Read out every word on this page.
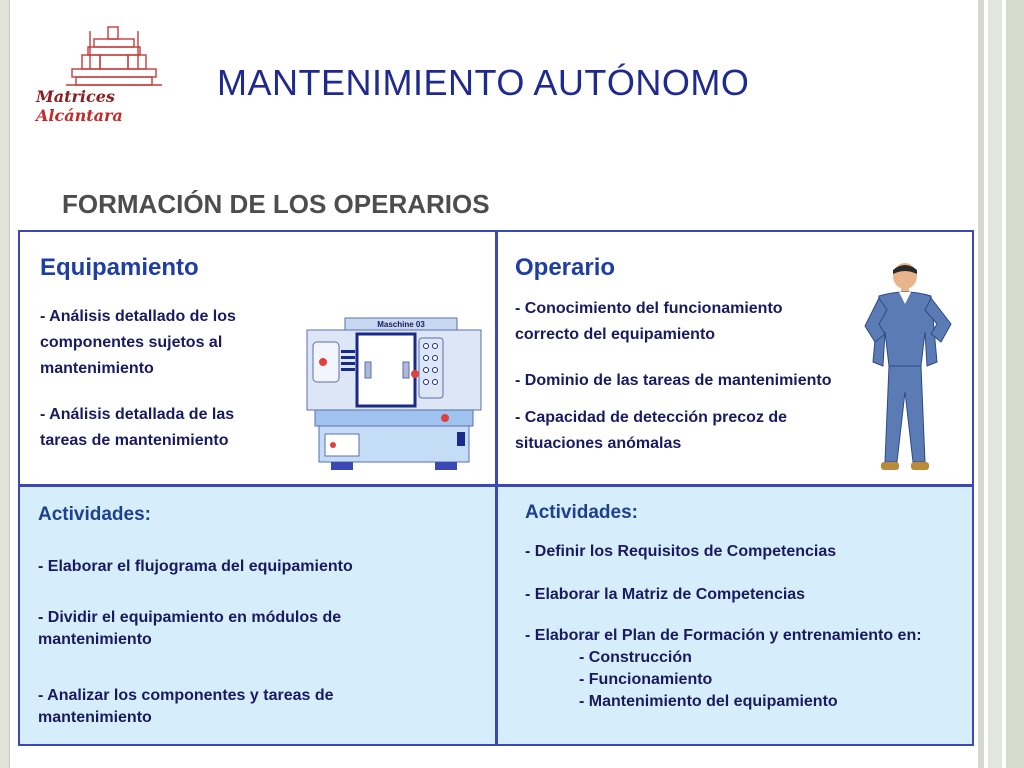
Matrices Alcántara
MANTENIMIENTO AUTÓNOMO
FORMACIÓN DE LOS OPERARIOS
Equipamiento
- Análisis detallado de los
componentes sujetos al
mantenimiento
- Análisis detallada de las
tareas de mantenimiento
Maschine 03
Operario
- Conocimiento del funcionamiento
correcto del equipamiento
- Dominio de las tareas de mantenimiento
- Capacidad de detección precoz de
situaciones anómalas
Actividades:
- Elaborar el flujograma del equipamiento
- Dividir el equipamiento en módulos de
mantenimiento
- Analizar los componentes y tareas de
mantenimiento
Actividades:
- Definir los Requisitos de Competencias
- Elaborar la Matriz de Competencias
- Elaborar el Plan de Formación y entrenamiento en:
- Construcción
- Funcionamiento
- Mantenimiento del equipamiento
